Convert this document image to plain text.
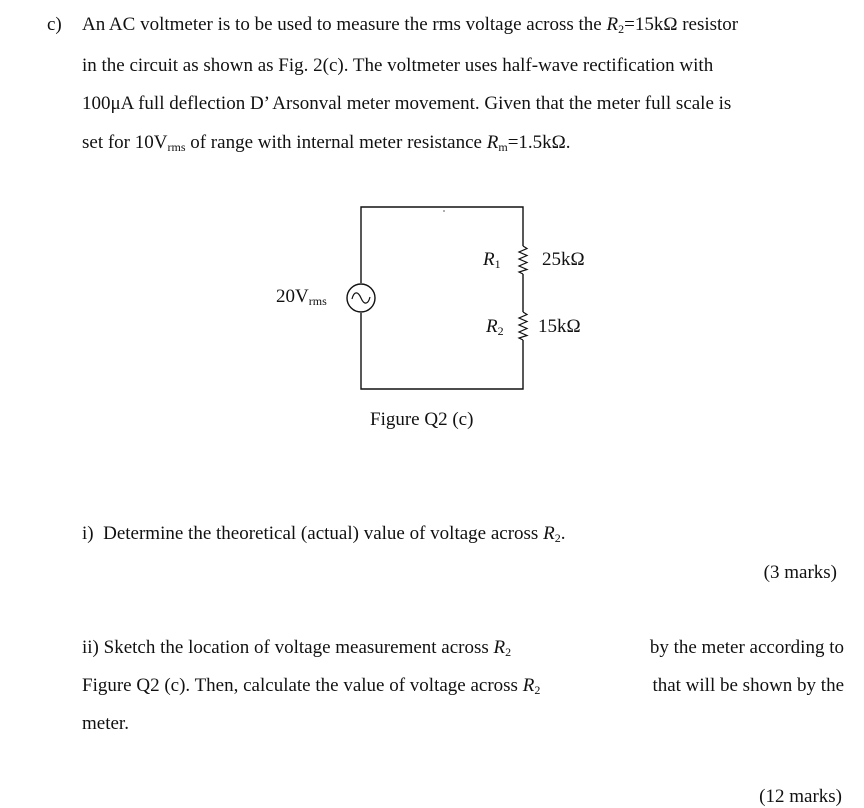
c) An AC voltmeter is to be used to measure the rms voltage across the $R_2=15k\Omega$ resistor
in the circuit as shown as Fig. 2(c). The voltmeter uses half-wave rectification with
100μA full deflection D’ Arsonval meter movement. Given that the meter full scale is
set for $10V_{rms}$ of range with internal meter resistance $R_m=1.5k\Omega$.
$20V_{rms}$
$R_1$ 25kΩ
$R_2$ 15kΩ
Figure Q2 (c)
i) Determine the theoretical (actual) value of voltage across $R_2$.
(3 marks)
ii) Sketch the location of voltage measurement across $R_2$	by the meter according to
Figure Q2 (c). Then, calculate the value of voltage across $R_2$	that will be shown by the
meter.
(12 marks)
